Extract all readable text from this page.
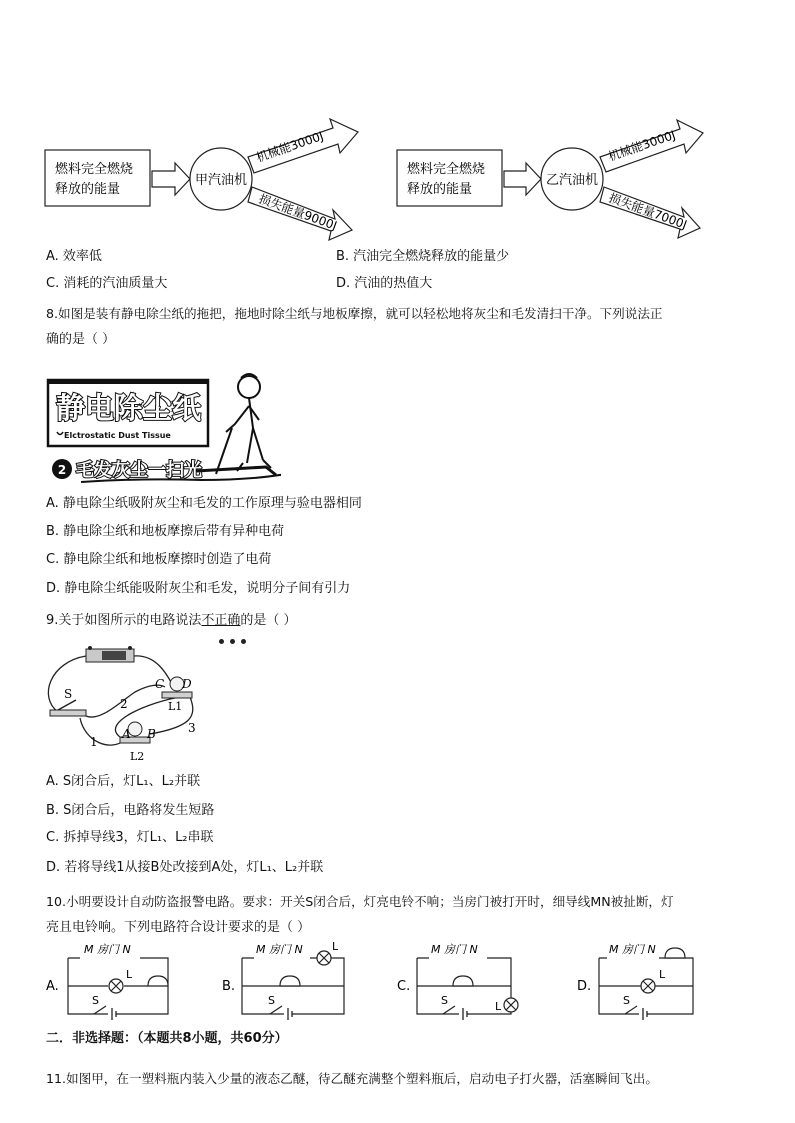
燃料完全燃烧
释放的能量
甲汽油机
机械能3000J
损失能量9000J
燃料完全燃烧
释放的能量
乙汽油机
机械能3000J
损失能量7000J
A. 效率低	B. 汽油完全燃烧释放的能量少
C. 消耗的汽油质量大	D. 汽油的热值大
8.如图是装有静电除尘纸的拖把，拖地时除尘纸与地板摩擦，就可以轻松地将灰尘和毛发清扫干净。下列说法正
确的是（ ）
静电除尘纸
Elctrostatic Dust Tissue
2 毛发灰尘一扫光
A. 静电除尘纸吸附灰尘和毛发的工作原理与验电器相同
B. 静电除尘纸和地板摩擦后带有异种电荷
C. 静电除尘纸和地板摩擦时创造了电荷
D. 静电除尘纸能吸附灰尘和毛发，说明分子间有引力
9.关于如图所示的电路说法不正确的是（ ）
S
C D
L1
A B
L2
1
2
3
A. S闭合后，灯L₁、L₂并联
B. S闭合后，电路将发生短路
C. 拆掉导线3，灯L₁、L₂串联
D. 若将导线1从接B处改接到A处，灯L₁、L₂并联
10.小明要设计自动防盗报警电路。要求：开关S闭合后，灯亮电铃不响；当房门被打开时，细导线MN被扯断，灯
亮且电铃响。下列电路符合设计要求的是（ ）
A.
M 房门 N
L
S
B.
M 房门 N	L
S
C.
M 房门 N
L
S
D.
M 房门 N
L
S
二．非选择题：（本题共8小题，共60分）
11.如图甲，在一塑料瓶内装入少量的液态乙醚，待乙醚充满整个塑料瓶后，启动电子打火器，活塞瞬间飞出。
